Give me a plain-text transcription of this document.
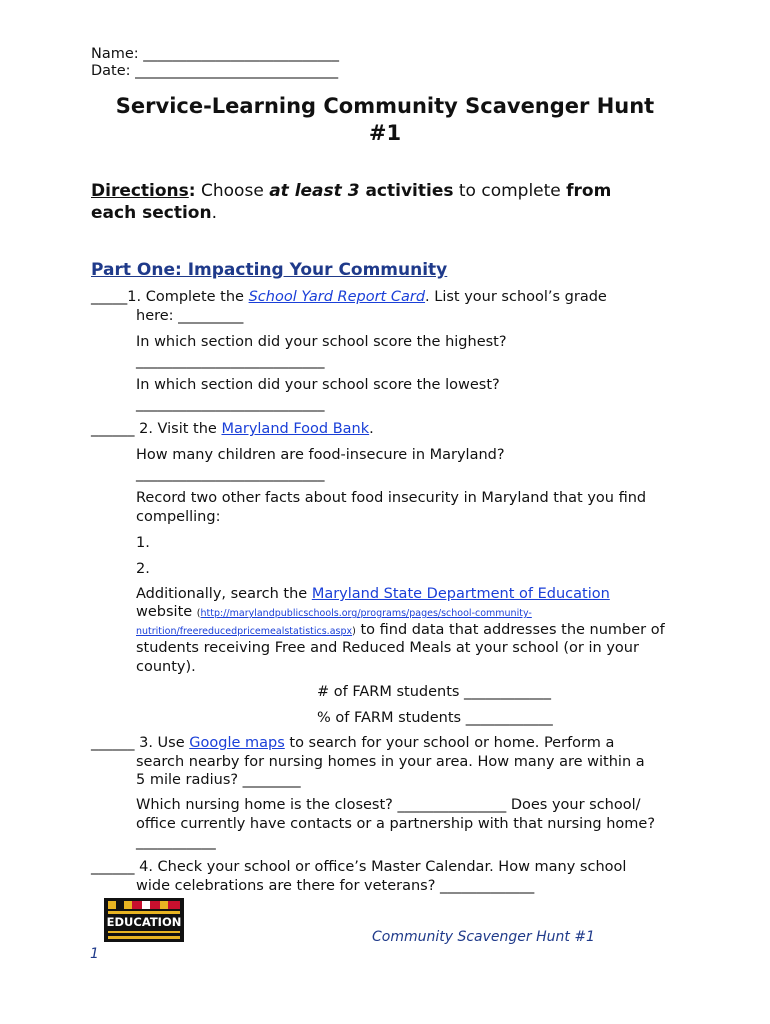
Name: ___________________________
Date: ____________________________
Service-Learning Community Scavenger Hunt
#1
Directions: Choose at least 3 activities to complete from
each section.
Part One: Impacting Your Community
_____1. Complete the School Yard Report Card. List your school’s grade
here: _________
In which section did your school score the highest?
__________________________
In which section did your school score the lowest?
__________________________
______ 2. Visit the Maryland Food Bank.
How many children are food-insecure in Maryland?
__________________________
Record two other facts about food insecurity in Maryland that you find
compelling:
1.
2.
Additionally, search the Maryland State Department of Education
website (http://marylandpublicschools.org/programs/pages/school-community-
nutrition/freereducedpricemealstatistics.aspx) to find data that addresses the number of
students receiving Free and Reduced Meals at your school (or in your
county).
# of FARM students ____________
% of FARM students ____________
______ 3. Use Google maps to search for your school or home. Perform a
search nearby for nursing homes in your area. How many are within a
5 mile radius? ________
Which nursing home is the closest? _______________ Does your school/
office currently have contacts or a partnership with that nursing home?
___________
______ 4. Check your school or office’s Master Calendar. How many school
wide celebrations are there for veterans? _____________
EDUCATION
Community Scavenger Hunt #1
1
